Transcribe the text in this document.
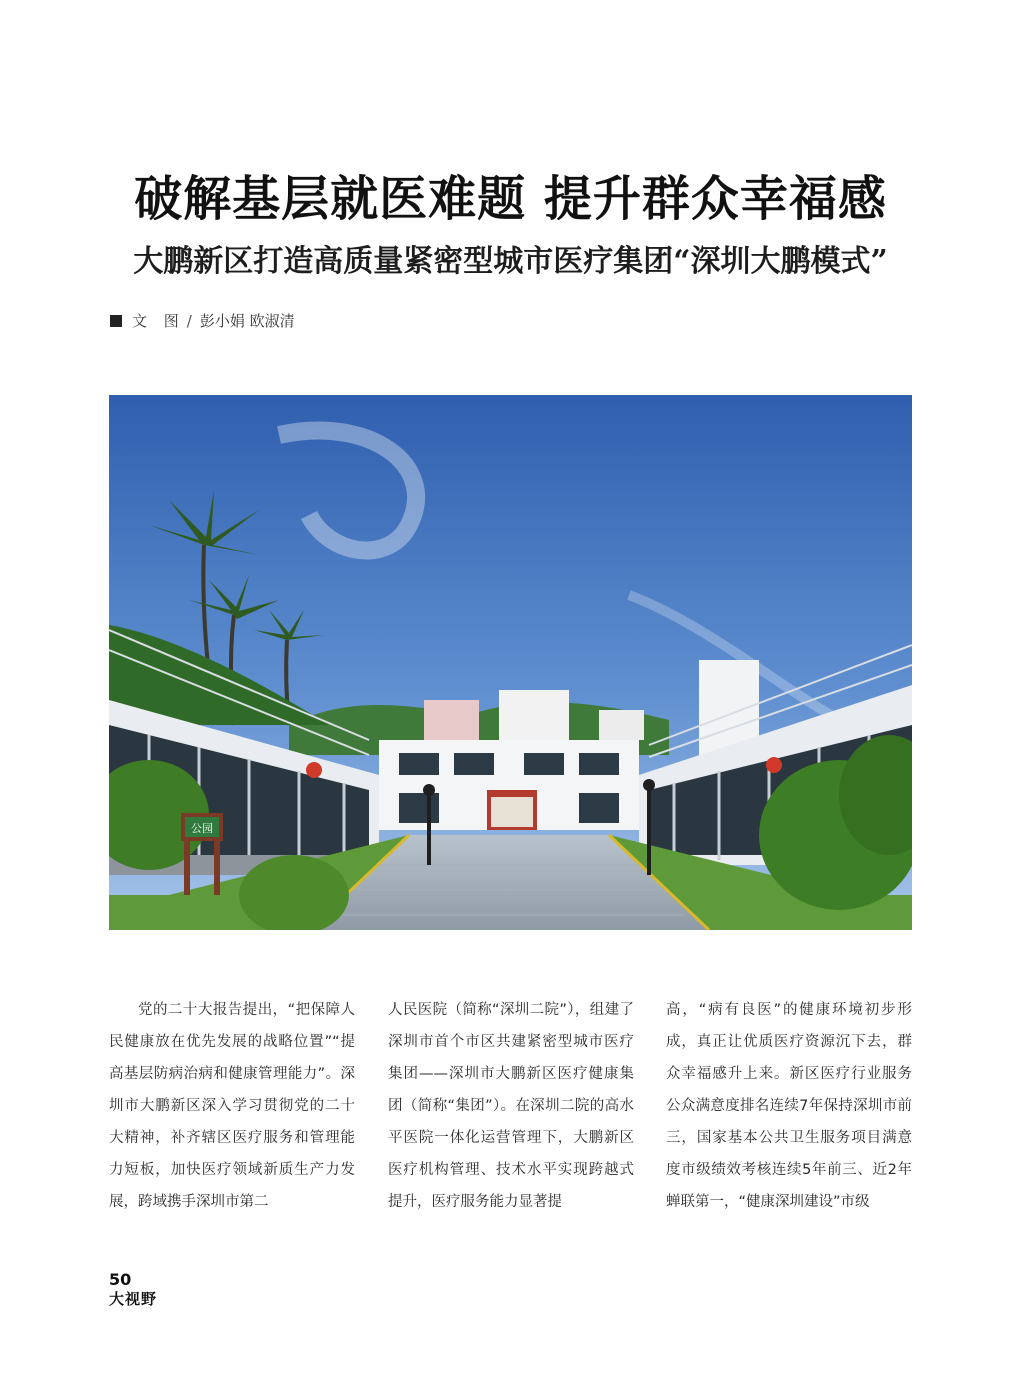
破解基层就医难题 提升群众幸福感
大鹏新区打造高质量紧密型城市医疗集团“深圳大鹏模式”
文 图 / 彭小娟 欧淑清
公园
党的二十大报告提出，“把保障人民健康放在优先发展的战略位置”“提高基层防病治病和健康管理能力”。深圳市大鹏新区深入学习贯彻党的二十大精神，补齐辖区医疗服务和管理能力短板，加快医疗领域新质生产力发展，跨域携手深圳市第二
人民医院（简称“深圳二院”），组建了深圳市首个市区共建紧密型城市医疗集团——深圳市大鹏新区医疗健康集团（简称“集团”）。在深圳二院的高水平医院一体化运营管理下，大鹏新区医疗机构管理、技术水平实现跨越式提升，医疗服务能力显著提
高，“病有良医”的健康环境初步形成，真正让优质医疗资源沉下去，群众幸福感升上来。新区医疗行业服务公众满意度排名连续7年保持深圳市前三，国家基本公共卫生服务项目满意度市级绩效考核连续5年前三、近2年蝉联第一，“健康深圳建设”市级
50
大视野
